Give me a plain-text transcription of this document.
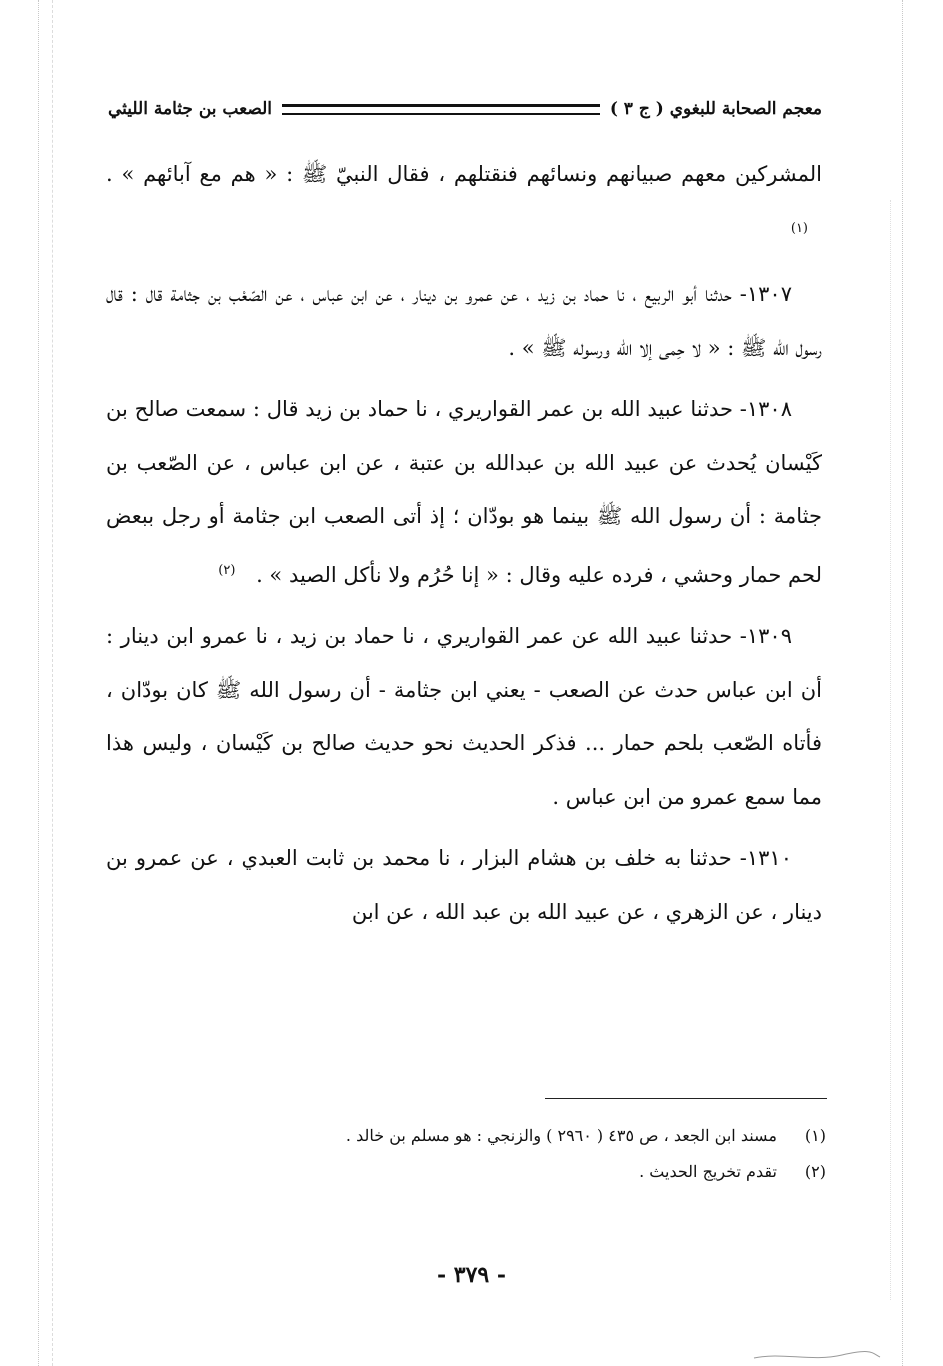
معجم الصحابة للبغوي ( ج ٣ )
الصعب بن جثامة الليثي

المشركين معهم صبيانهم ونسائهم فنقتلهم ، فقال النبيّ ﷺ : « هم مع آبائهم » . $^{(١)}$

١٣٠٧- حدثنا أبو الربيع ، نا حماد بن زيد ، عن عمرو بن دينار ، عن ابن عباس ، عن الصّعْب بن جثامة قال : قال رسول الله ﷺ : « لا حِمى إلا الله ورسوله ﷺ » .

١٣٠٨- حدثنا عبيد الله بن عمر القواريري ، نا حماد بن زيد قال : سمعت صالح بن كَيْسان يُحدث عن عبيد الله بن عبدالله بن عتبة ، عن ابن عباس ، عن الصّعب بن جثامة : أن رسول الله ﷺ بينما هو بودّان ؛ إذ أتى الصعب ابن جثامة أو رجل ببعض لحم حمار وحشي ، فرده عليه وقال : « إنا حُرُم ولا نأكل الصيد » . $^{(٢)}$

١٣٠٩- حدثنا عبيد الله عن عمر القواريري ، نا حماد بن زيد ، نا عمرو ابن دينار : أن ابن عباس حدث عن الصعب - يعني ابن جثامة - أن رسول الله ﷺ كان بودّان ، فأتاه الصّعب بلحم حمار ... فذكر الحديث نحو حديث صالح بن كَيْسان ، وليس هذا مما سمع عمرو من ابن عباس .

١٣١٠- حدثنا به خلف بن هشام البزار ، نا محمد بن ثابت العبدي ، عن عمرو بن دينار ، عن الزهري ، عن عبيد الله بن عبد الله ، عن ابن

(١) مسند ابن الجعد ، ص ٤٣٥ ( ٢٩٦٠ ) والزنجي : هو مسلم بن خالد .
(٢) تقدم تخريج الحديث .
- ٣٧٩ -
